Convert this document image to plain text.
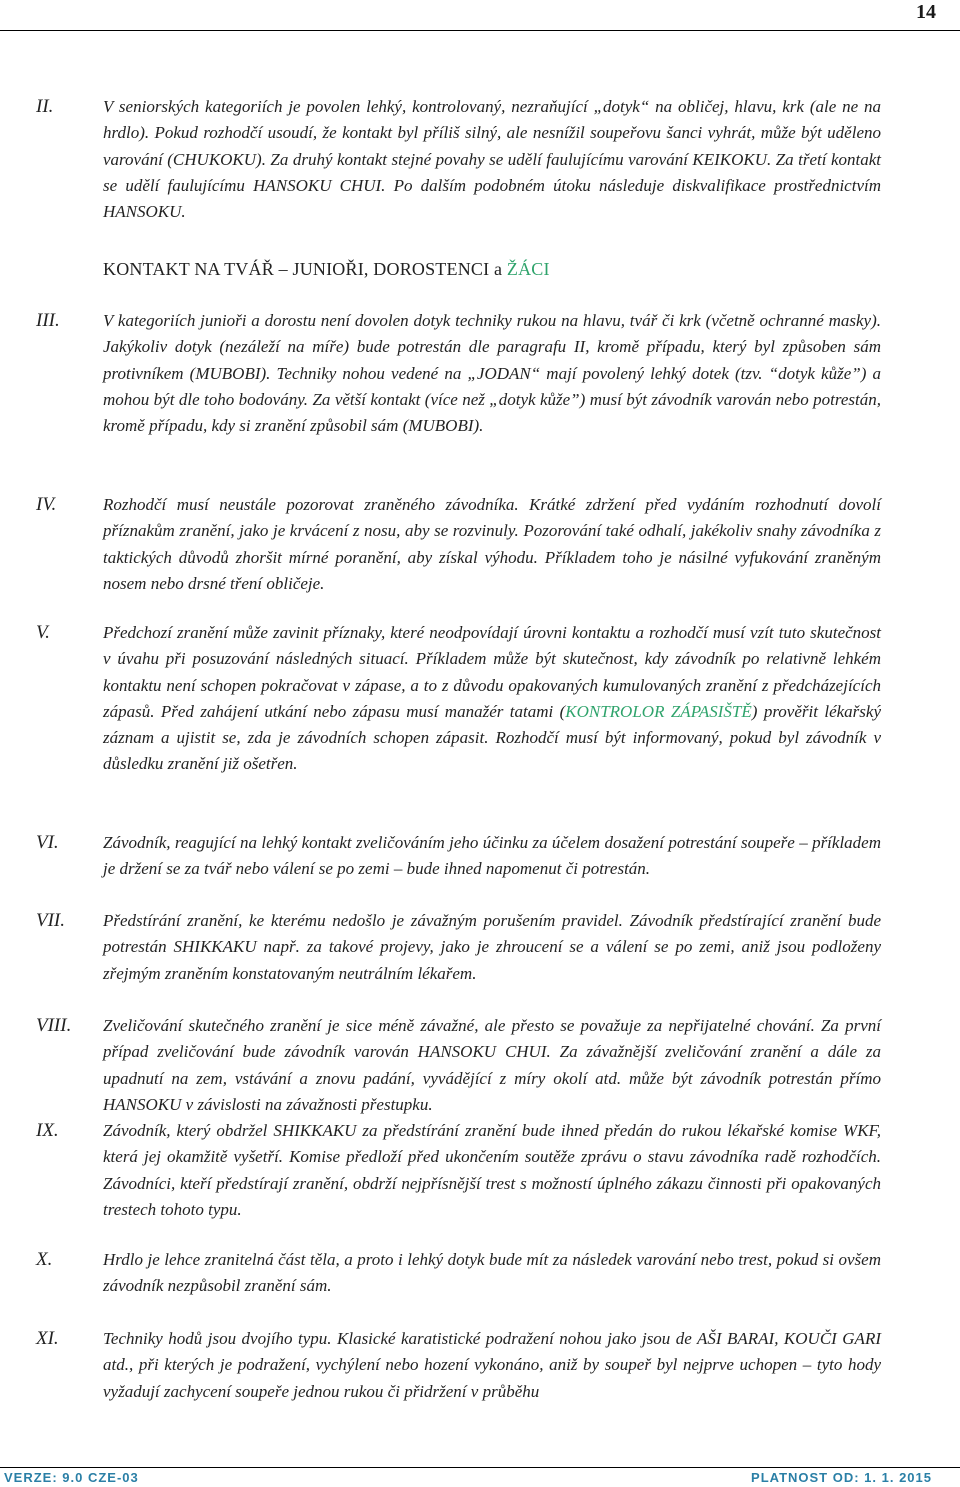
14
II.	V seniorských kategoriích je povolen lehký, kontrolovaný, nezraňující „dotyk“ na obličej, hlavu, krk (ale ne na hrdlo). Pokud rozhodčí usoudí, že kontakt byl příliš silný, ale nesnížil soupeřovu šanci vyhrát, může být uděleno varování (CHUKOKU). Za druhý kontakt stejné povahy se udělí faulujícímu varování KEIKOKU. Za třetí kontakt se udělí faulujícímu HANSOKU CHUI. Po dalším podobném útoku následuje diskvalifikace prostřednictvím HANSOKU.
KONTAKT NA TVÁŘ – JUNIOŘI, DOROSTENCI a ŽÁCI
III.	V kategoriích junioři a dorostu není dovolen dotyk techniky rukou na hlavu, tvář či krk (včetně ochranné masky). Jakýkoliv dotyk (nezáleží na míře) bude potrestán dle paragrafu II, kromě případu, který byl způsoben sám protivníkem (MUBOBI). Techniky nohou vedené na „JODAN“ mají povolený lehký dotek (tzv. “dotyk kůže”) a mohou být dle toho bodovány. Za větší kontakt (více než „dotyk kůže”) musí být závodník varován nebo potrestán, kromě případu, kdy si zranění způsobil sám (MUBOBI).
IV.	Rozhodčí musí neustále pozorovat zraněného závodníka. Krátké zdržení před vydáním rozhodnutí dovolí příznakům zranění, jako je krvácení z nosu, aby se rozvinuly. Pozorování také odhalí, jakékoliv snahy závodníka z taktických důvodů zhoršit mírné poranění, aby získal výhodu. Příkladem toho je násilné vyfukování zraněným nosem nebo drsné tření obličeje.
V.	Předchozí zranění může zavinit příznaky, které neodpovídají úrovni kontaktu a rozhodčí musí vzít tuto skutečnost v úvahu při posuzování následných situací. Příkladem může být skutečnost, kdy závodník po relativně lehkém kontaktu není schopen pokračovat v zápase, a to z důvodu opakovaných kumulovaných zranění z předcházejících zápasů. Před zahájení utkání nebo zápasu musí manažér tatami (KONTROLOR ZÁPASIŠTĚ) prověřit lékařský záznam a ujistit se, zda je závodních schopen zápasit. Rozhodčí musí být informovaný, pokud byl závodník v důsledku zranění již ošetřen.
VI.	Závodník, reagující na lehký kontakt zveličováním jeho účinku za účelem dosažení potrestání soupeře – příkladem je držení se za tvář nebo válení se po zemi – bude ihned napomenut či potrestán.
VII. Předstírání zranění, ke kterému nedošlo je závažným porušením pravidel. Závodník předstírající zranění bude potrestán SHIKKAKU např. za takové projevy, jako je zhroucení se a válení se po zemi, aniž jsou podloženy zřejmým zraněním konstatovaným neutrálním lékařem.
VIII. Zveličování skutečného zranění je sice méně závažné, ale přesto se považuje za nepřijatelné chování. Za první případ zveličování bude závodník varován HANSOKU CHUI. Za závažnější zveličování zranění a dále za upadnutí na zem, vstávání a znovu padání, vyvádějící z míry okolí atd. může být závodník potrestán přímo HANSOKU v závislosti na závažnosti přestupku.
IX.	Závodník, který obdržel SHIKKAKU za předstírání zranění bude ihned předán do rukou lékařské komise WKF, která jej okamžitě vyšetří. Komise předloží před ukončením soutěže zprávu o stavu závodníka radě rozhodčích. Závodníci, kteří předstírají zranění, obdrží nejpřísnější trest s možností úplného zákazu činnosti při opakovaných trestech tohoto typu.
X.	Hrdlo je lehce zranitelná část těla, a proto i lehký dotyk bude mít za následek varování nebo trest, pokud si ovšem závodník nezpůsobil zranění sám.
XI.	Techniky hodů jsou dvojího typu. Klasické karatistické podražení nohou jako jsou de AŠI BARAI, KOUČI GARI atd., při kterých je podražení, vychýlení nebo hození vykonáno, aniž by soupeř byl nejprve uchopen – tyto hody vyžadují zachycení soupeře jednou rukou či přidržení v průběhu
VERZE: 9.0 CZE-03	PLATNOST OD: 1. 1. 2015
